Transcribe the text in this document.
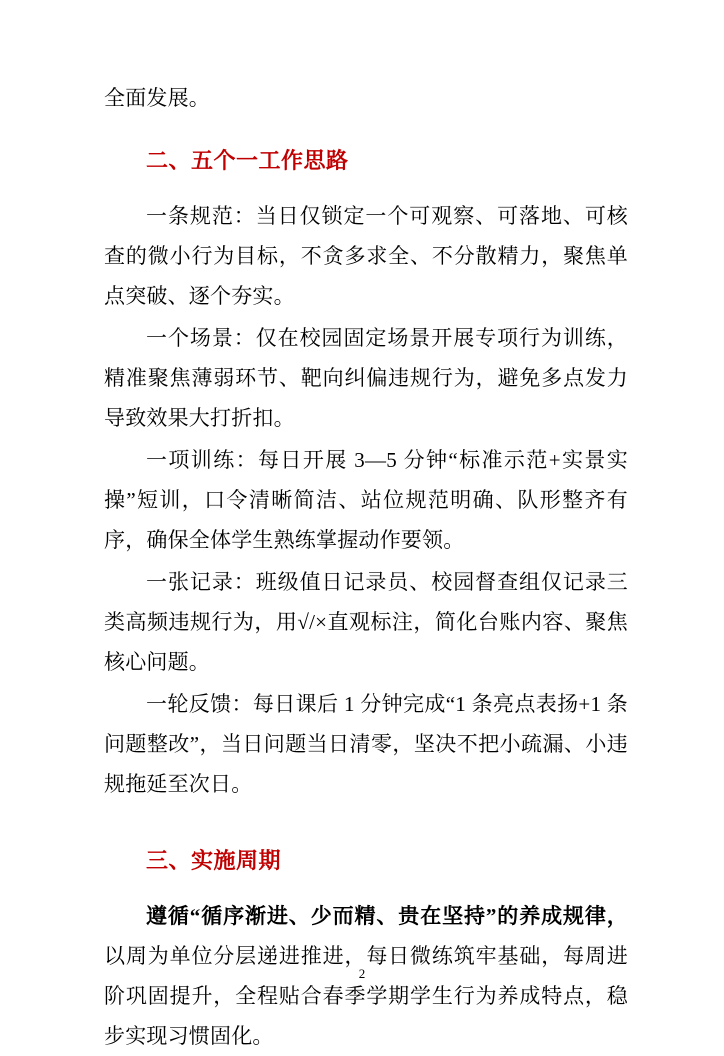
全面发展。

二、五个一工作思路

一条规范：当日仅锁定一个可观察、可落地、可核查的微小行为目标，不贪多求全、不分散精力，聚焦单点突破、逐个夯实。

一个场景：仅在校园固定场景开展专项行为训练，精准聚焦薄弱环节、靶向纠偏违规行为，避免多点发力导致效果大打折扣。

一项训练：每日开展 3—5 分钟“标准示范+实景实操”短训，口令清晰简洁、站位规范明确、队形整齐有序，确保全体学生熟练掌握动作要领。

一张记录：班级值日记录员、校园督查组仅记录三类高频违规行为，用√/×直观标注，简化台账内容、聚焦核心问题。

一轮反馈：每日课后 1 分钟完成“1 条亮点表扬+1 条问题整改”，当日问题当日清零，坚决不把小疏漏、小违规拖延至次日。

三、实施周期

遵循“循序渐进、少而精、贵在坚持”的养成规律，以周为单位分层递进推进，每日微练筑牢基础，每周进阶巩固提升，全程贴合春季学期学生行为养成特点，稳步实现习惯固化。

2
